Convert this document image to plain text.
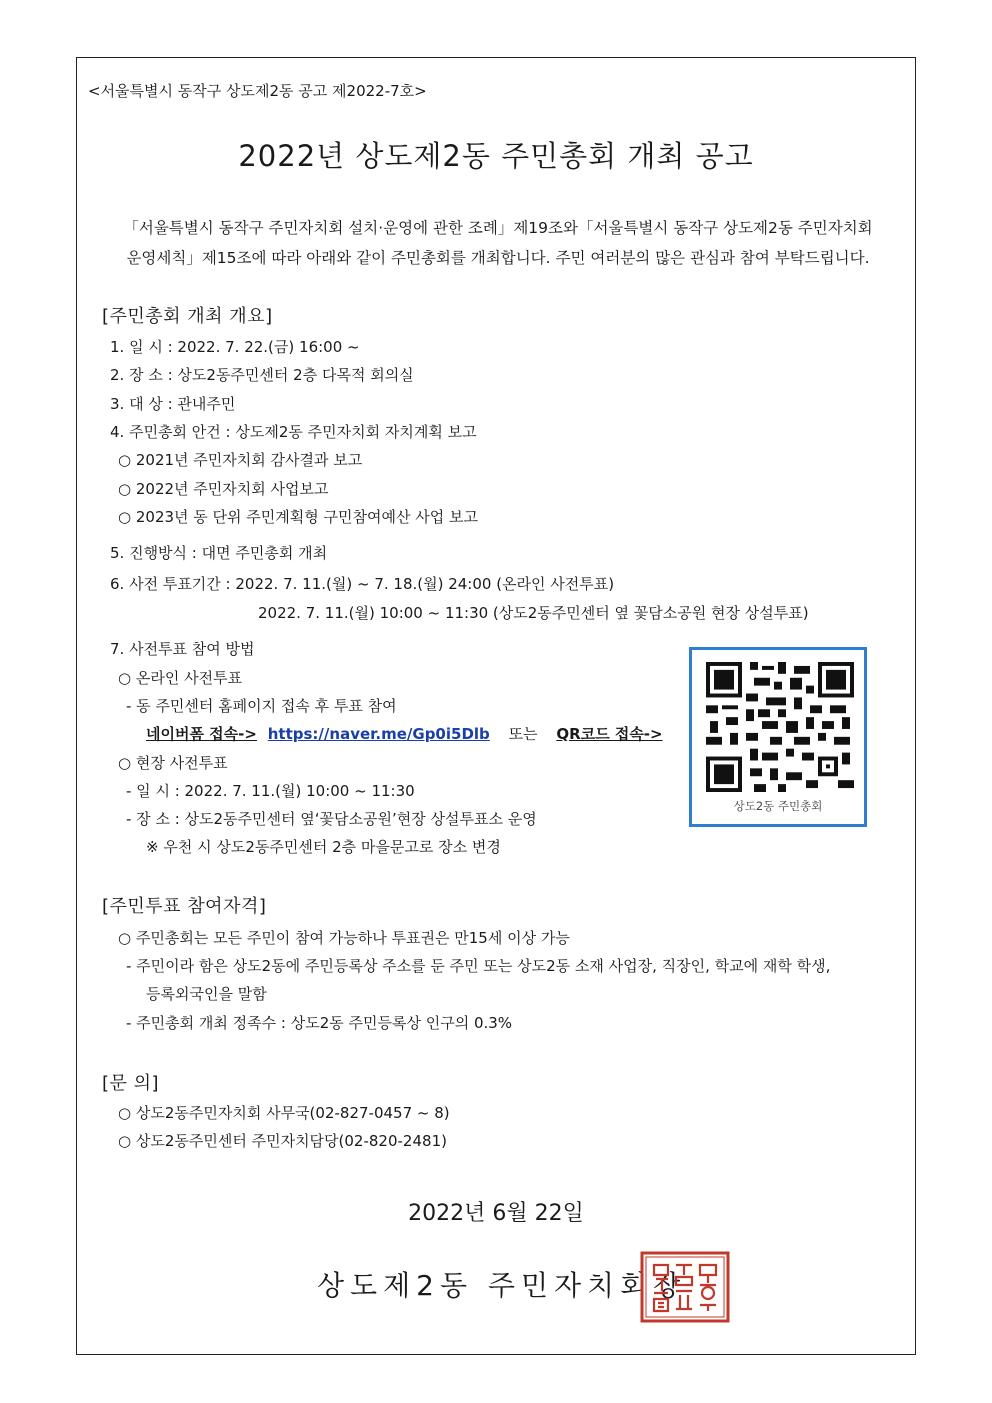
<서울특별시 동작구 상도제2동 공고 제2022-7호>
2022년 상도제2동 주민총회 개최 공고
「서울특별시 동작구 주민자치회 설치·운영에 관한 조례」제19조와「서울특별시 동작구 상도제2동 주민자치회
운영세칙」제15조에 따라 아래와 같이 주민총회를 개최합니다. 주민 여러분의 많은 관심과 참여 부탁드립니다.
[주민총회 개최 개요]
1. 일 시 : 2022. 7. 22.(금) 16:00 ~
2. 장 소 : 상도2동주민센터 2층 다목적 회의실
3. 대 상 : 관내주민
4. 주민총회 안건 : 상도제2동 주민자치회 자치계획 보고
○ 2021년 주민자치회 감사결과 보고
○ 2022년 주민자치회 사업보고
○ 2023년 동 단위 주민계획형 구민참여예산 사업 보고
5. 진행방식 : 대면 주민총회 개최
6. 사전 투표기간 : 2022. 7. 11.(월) ~ 7. 18.(월) 24:00 (온라인 사전투표)
2022. 7. 11.(월) 10:00 ~ 11:30 (상도2동주민센터 옆 꽃담소공원 현장 상설투표)
7. 사전투표 참여 방법
○ 온라인 사전투표
- 동 주민센터 홈페이지 접속 후 투표 참여
네이버폼 접속-> https://naver.me/Gp0i5Dlb 또는 QR코드 접속->
○ 현장 사전투표
- 일 시 : 2022. 7. 11.(월) 10:00 ~ 11:30
- 장 소 : 상도2동주민센터 옆‘꽃담소공원’현장 상설투표소 운영
※ 우천 시 상도2동주민센터 2층 마을문고로 장소 변경
상도2동 주민총회
[주민투표 참여자격]
○ 주민총회는 모든 주민이 참여 가능하나 투표권은 만15세 이상 가능
- 주민이라 함은 상도2동에 주민등록상 주소를 둔 주민 또는 상도2동 소재 사업장, 직장인, 학교에 재학 학생,
등록외국인을 말함
- 주민총회 개최 정족수 : 상도2동 주민등록상 인구의 0.3%
[문 의]
○ 상도2동주민자치회 사무국(02-827-0457 ~ 8)
○ 상도2동주민센터 주민자치담당(02-820-2481)
2022년 6월 22일
상도제2동 주민자치회장
